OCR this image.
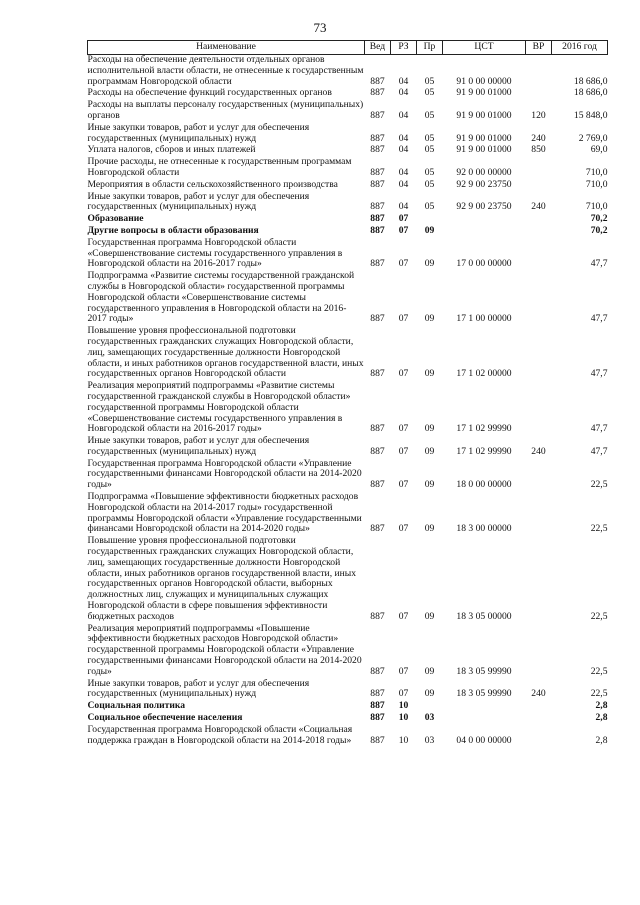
73
Наименование	Вед	РЗ	Пр	ЦСТ	ВР	2016 год
Расходы на обеспечение деятельности отдельных органов исполнительной власти области, не отнесенные к государственным программам Новгородской области	887	04	05	91 0 00 00000		18 686,0
Расходы на обеспечение функций государственных органов	887	04	05	91 9 00 01000		18 686,0
Расходы на выплаты персоналу государственных (муниципальных) органов	887	04	05	91 9 00 01000	120	15 848,0
Иные закупки товаров, работ и услуг для обеспечения государственных (муниципальных) нужд	887	04	05	91 9 00 01000	240	2 769,0
Уплата налогов, сборов и иных платежей	887	04	05	91 9 00 01000	850	69,0
Прочие расходы, не отнесенные к государственным программам Новгородской области	887	04	05	92 0 00 00000		710,0
Мероприятия в области сельскохозяйственного производства	887	04	05	92 9 00 23750		710,0
Иные закупки товаров, работ и услуг для обеспечения государственных (муниципальных) нужд	887	04	05	92 9 00 23750	240	710,0
Образование	887	07				70,2
Другие вопросы в области образования	887	07	09			70,2
Государственная программа Новгородской области «Совершенствование системы государственного управления в Новгородской области на 2016-2017 годы»	887	07	09	17 0 00 00000		47,7
Подпрограмма «Развитие системы государственной гражданской службы в Новгородской области» государственной программы Новгородской области «Совершенствование системы государственного управления в Новгородской области на 2016-2017 годы»	887	07	09	17 1 00 00000		47,7
Повышение уровня профессиональной подготовки государственных гражданских служащих Новгородской области, лиц, замещающих государственные должности Новгородской области, и иных работников органов государственной власти, иных государственных органов Новгородской области	887	07	09	17 1 02 00000		47,7
Реализация мероприятий подпрограммы «Развитие системы государственной гражданской службы в Новгородской области» государственной программы Новгородской области «Совершенствование системы государственного управления в Новгородской области на 2016-2017 годы»	887	07	09	17 1 02 99990		47,7
Иные закупки товаров, работ и услуг для обеспечения государственных (муниципальных) нужд	887	07	09	17 1 02 99990	240	47,7
Государственная программа Новгородской области «Управление государственными финансами Новгородской области на 2014-2020 годы»	887	07	09	18 0 00 00000		22,5
Подпрограмма «Повышение эффективности бюджетных расходов Новгородской области на 2014-2017 годы» государственной программы Новгородской области «Управление государственными финансами Новгородской области на 2014-2020 годы»	887	07	09	18 3 00 00000		22,5
Повышение уровня профессиональной подготовки государственных гражданских служащих Новгородской области, лиц, замещающих государственные должности Новгородской области, иных работников органов государственной власти, иных государственных органов Новгородской области, выборных должностных лиц, служащих и муниципальных служащих Новгородской области в сфере повышения эффективности бюджетных расходов	887	07	09	18 3 05 00000		22,5
Реализация мероприятий подпрограммы «Повышение эффективности бюджетных расходов Новгородской области» государственной программы Новгородской области «Управление государственными финансами Новгородской области на 2014-2020 годы»	887	07	09	18 3 05 99990		22,5
Иные закупки товаров, работ и услуг для обеспечения государственных (муниципальных) нужд	887	07	09	18 3 05 99990	240	22,5
Социальная политика	887	10				2,8
Социальное обеспечение населения	887	10	03			2,8
Государственная программа Новгородской области «Социальная поддержка граждан в Новгородской области на 2014-2018 годы»	887	10	03	04 0 00 00000		2,8
